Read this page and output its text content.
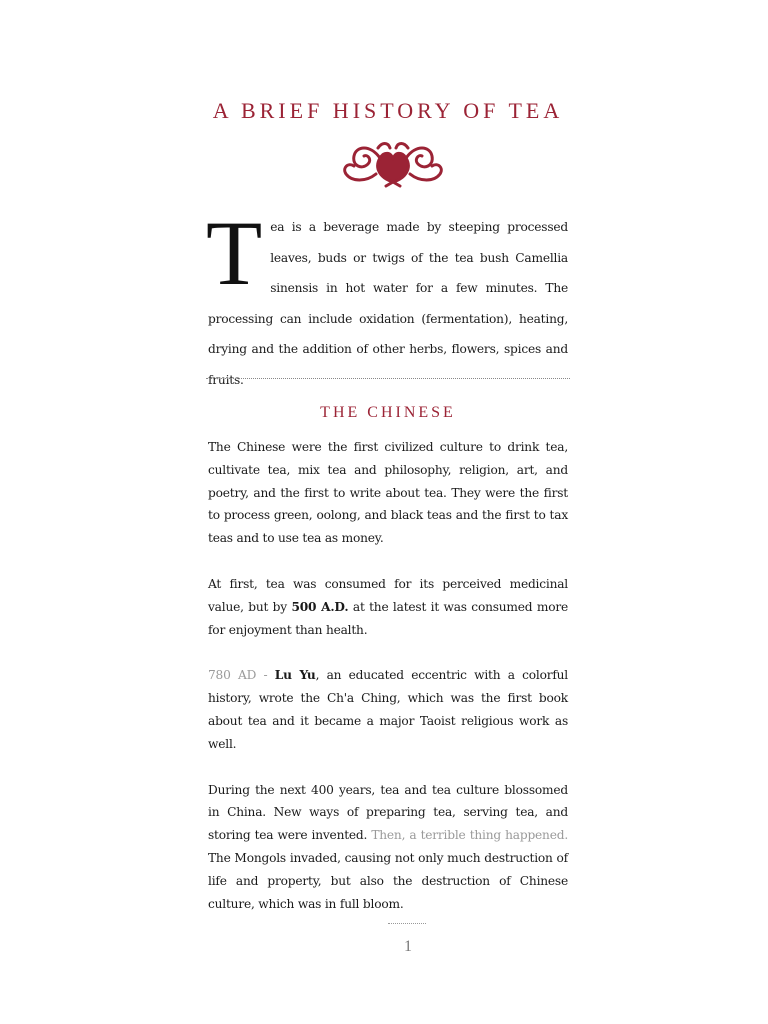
A BRIEF HISTORY OF TEA
T ea is a beverage made by steeping processed leaves, buds or twigs of the tea bush Camellia sinensis in hot water for a few minutes. The processing can include oxidation (fermentation), heating, drying and the addition of other herbs, flowers, spices and fruits.

THE CHINESE

The Chinese were the first civilized culture to drink tea, cultivate tea, mix tea and philosophy, religion, art, and poetry, and the first to write about tea. They were the first to process green, oolong, and black teas and the first to tax teas and to use tea as money.

At first, tea was consumed for its perceived medicinal value, but by 500 A.D. at the latest it was consumed more for enjoyment than health.

780 AD - Lu Yu, an educated eccentric with a colorful history, wrote the Ch'a Ching, which was the first book about tea and it became a major Taoist religious work as well.

During the next 400 years, tea and tea culture blossomed in China. New ways of preparing tea, serving tea, and storing tea were invented. Then, a terrible thing happened. The Mongols invaded, causing not only much destruction of life and property, but also the destruction of Chinese culture, which was in full bloom.

1
